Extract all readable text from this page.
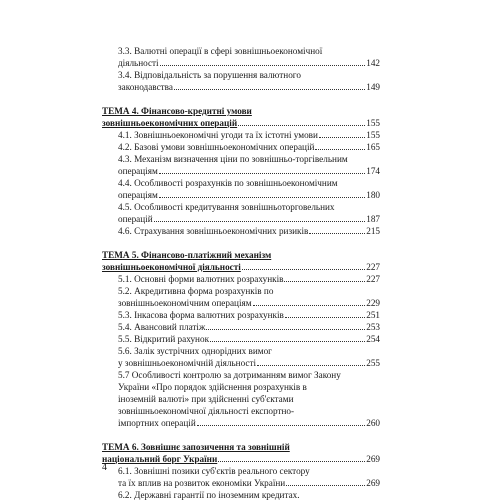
3.3. Валютні операції в сфері зовнішньоекономічної
діяльності	142
3.4. Відповідальність за порушення валютного
законодавства	149
ТЕМА 4. Фінансово-кредитні умови
зовнішньоекономічних операцій	155
4.1. Зовнішньоекономічні угоди та їх істотні умови	155
4.2. Базові умови зовнішньоекономічних операцій	165
4.3. Механізм визначення ціни по зовнішньо-торгівельним
операціям	174
4.4. Особливості розрахунків по зовнішньоекономічним
операціям	180
4.5. Особливості кредитування зовнішньоторговельних
операцій	187
4.6. Страхування зовнішньоекономічних ризиків	215
ТЕМА 5. Фінансово-платіжний механізм
зовнішньоекономічної діяльності	227
5.1. Основні форми валютних розрахунків	227
5.2. Акредитивна форма розрахунків по
зовнішньоекономічним операціям	229
5.3. Інкасова форма валютних розрахунків	251
5.4. Авансовий платіж	253
5.5. Відкритий рахунок	254
5.6. Залік зустрічних однорідних вимог
у зовнішньоекономічній діяльності	255
5.7 Особливості контролю за дотриманням вимог Закону
України «Про порядок здійснення розрахунків в
іноземній валюті» при здійсненні суб'єктами
зовнішньоекономічної діяльності експортно-
імпортних операцій	260
ТЕМА 6. Зовнішнє запозичення та зовнішній
національний борг України	269
6.1. Зовнішні позики суб'єктів реального сектору
та їх вплив на розвиток економіки України	269
6.2. Державні гарантії по іноземним кредитах.
4
